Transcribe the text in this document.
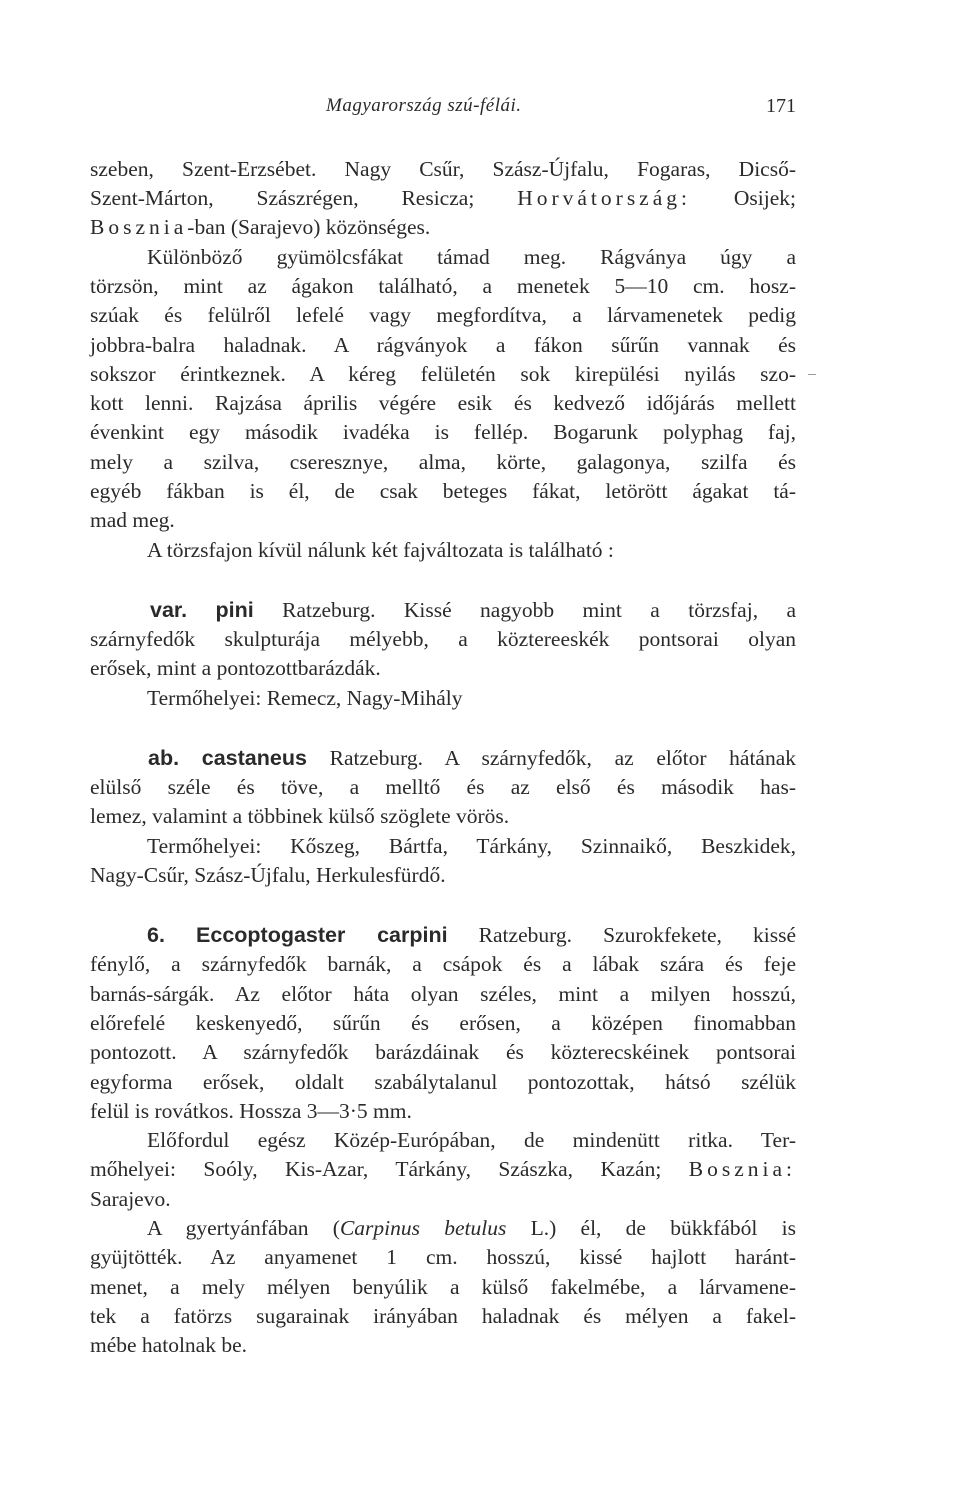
Magyarország szú-félái.	171
szeben, Szent-Erzsébet. Nagy Csűr, Szász-Újfalu, Fogaras, Dicső-
Szent-Márton, Szászrégen, Resicza; Horvátország: Osijek;
Bosznia-ban (Sarajevo) közönséges.
Különböző gyümölcsfákat támad meg. Rágványa úgy a
törzsön, mint az ágakon található, a menetek 5—10 cm. hosz-
szúak és felülről lefelé vagy megfordítva, a lárvamenetek pedig
jobbra-balra haladnak. A rágványok a fákon sűrűn vannak és
sokszor érintkeznek. A kéreg felületén sok kirepülési nyilás szo-
kott lenni. Rajzása április végére esik és kedvező időjárás mellett
évenkint egy második ivadéka is fellép. Bogarunk polyphag faj,
mely a szilva, cseresznye, alma, körte, galagonya, szilfa és
egyéb fákban is él, de csak beteges fákat, letörött ágakat tá-
mad meg.
A törzsfajon kívül nálunk két fajváltozata is található :
var. pini Ratzeburg. Kissé nagyobb mint a törzsfaj, a
szárnyfedők skulpturája mélyebb, a köztereeskék pontsorai olyan
erősek, mint a pontozottbarázdák.
Termőhelyei: Remecz, Nagy-Mihály
ab. castaneus Ratzeburg. A szárnyfedők, az előtor hátának
elülső széle és töve, a melltő és az első és második has-
lemez, valamint a többinek külső szöglete vörös.
Termőhelyei: Kőszeg, Bártfa, Tárkány, Szinnaikő, Beszkidek,
Nagy-Csűr, Szász-Újfalu, Herkulesfürdő.
6. Eccoptogaster carpini Ratzeburg. Szurokfekete, kissé
fénylő, a szárnyfedők barnák, a csápok és a lábak szára és feje
barnás-sárgák. Az előtor háta olyan széles, mint a milyen hosszú,
előrefelé keskenyedő, sűrűn és erősen, a középen finomabban
pontozott. A szárnyfedők barázdáinak és közterecskéinek pontsorai
egyforma erősek, oldalt szabálytalanul pontozottak, hátsó szélük
felül is rovátkos. Hossza 3—3·5 mm.
Előfordul egész Közép-Európában, de mindenütt ritka. Ter-
mőhelyei: Soóly, Kis-Azar, Tárkány, Szászka, Kazán; Bosznia:
Sarajevo.
A gyertyánfában (Carpinus betulus L.) él, de bükkfából is
gyüjtötték. Az anyamenet 1 cm. hosszú, kissé hajlott haránt-
menet, a mely mélyen benyúlik a külső fakelmébe, a lárvamene-
tek a fatörzs sugarainak irányában haladnak és mélyen a fakel-
mébe hatolnak be.
